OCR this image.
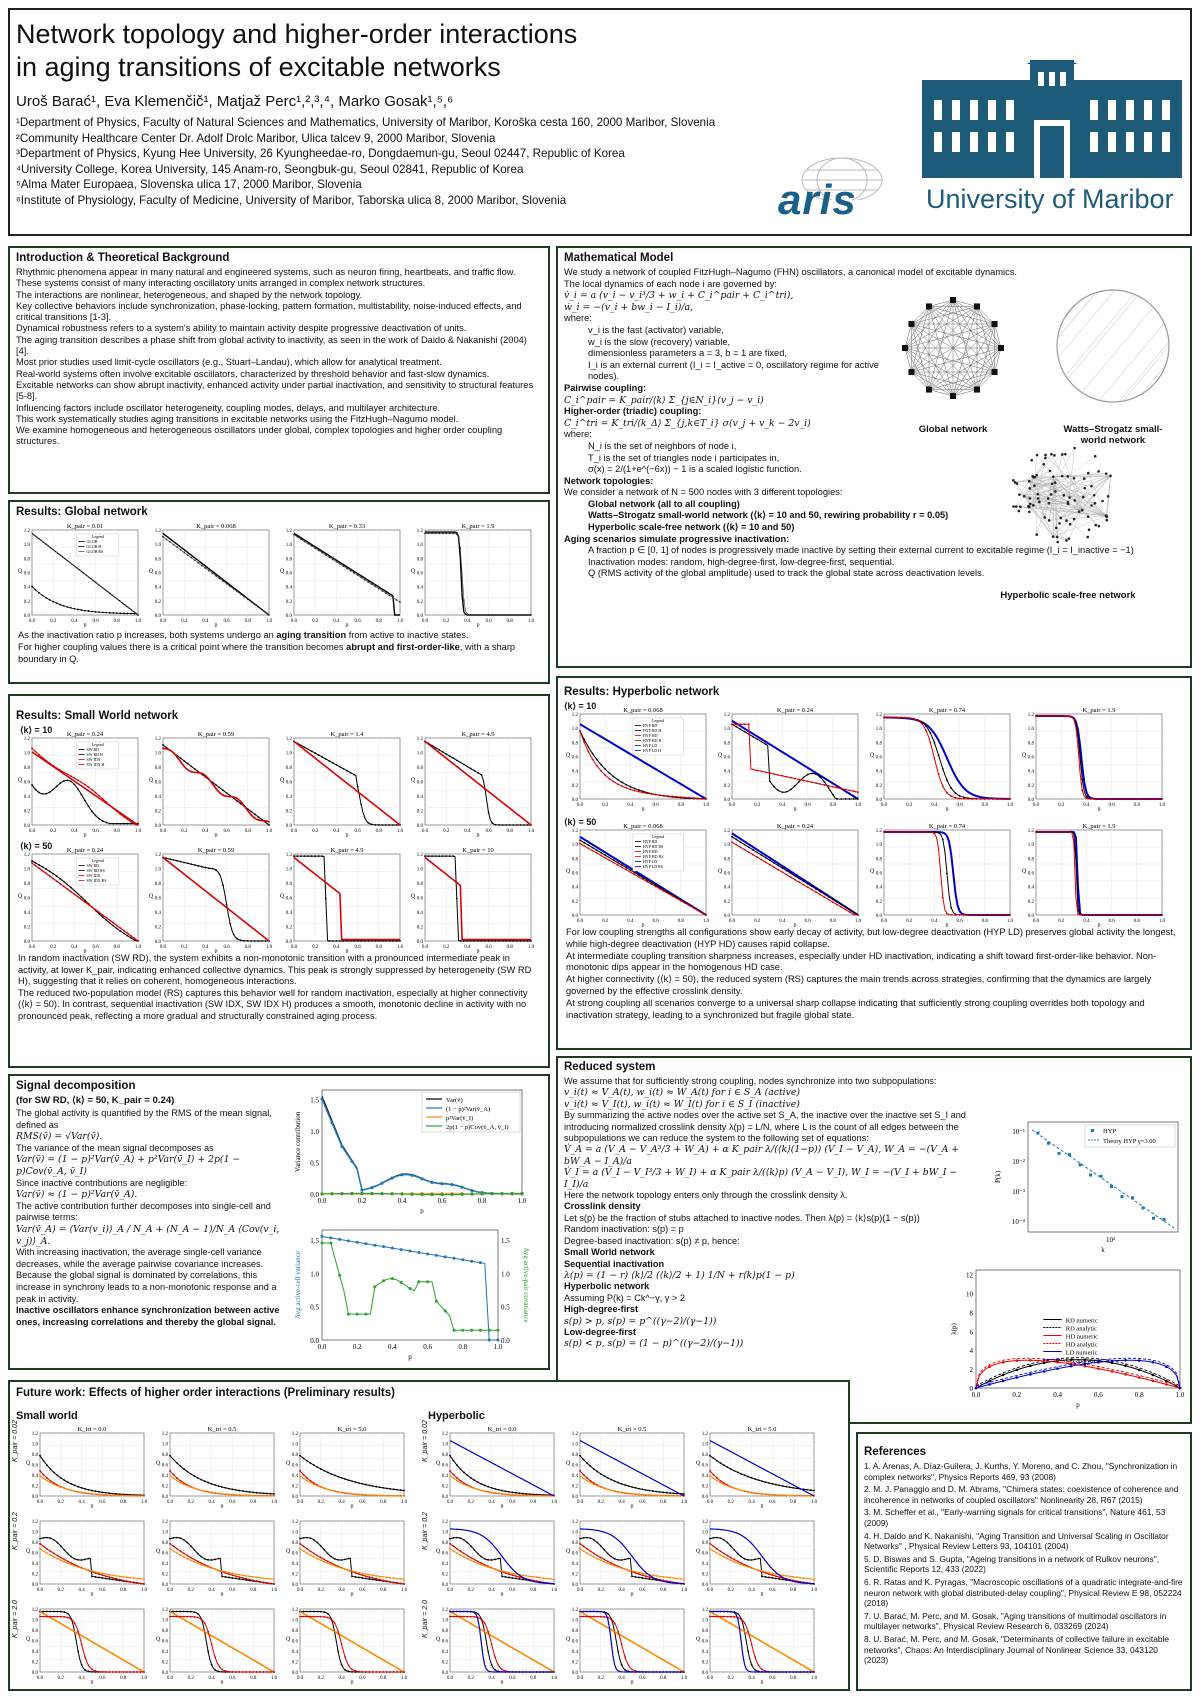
Network topology and higher-order interactions
in aging transitions of excitable networks
Uroš Barać¹, Eva Klemenčič¹, Matjaž Perc¹,²,³,⁴, Marko Gosak¹,⁵,⁶
¹Department of Physics, Faculty of Natural Sciences and Mathematics, University of Maribor, Koroška cesta 160, 2000 Maribor, Slovenia
²Community Healthcare Center Dr. Adolf Drolc Maribor, Ulica talcev 9, 2000 Maribor, Slovenia
³Department of Physics, Kyung Hee University, 26 Kyungheedae-ro, Dongdaemun-gu, Seoul 02447, Republic of Korea
⁴University College, Korea University, 145 Anam-ro, Seongbuk-gu, Seoul 02841, Republic of Korea
⁵Alma Mater Europaea, Slovenska ulica 17, 2000 Maribor, Slovenia
⁶Institute of Physiology, Faculty of Medicine, University of Maribor, Taborska ulica 8, 2000 Maribor, Slovenia	aris	University of Maribor
Introduction & Theoretical Background

Rhythmic phenomena appear in many natural and engineered systems, such as neuron firing, heartbeats, and traffic flow.

These systems consist of many interacting oscillatory units arranged in complex network structures.

The interactions are nonlinear, heterogeneous, and shaped by the network topology.

Key collective behaviors include synchronization, phase-locking, pattern formation, multistability, noise-induced effects, and critical transitions [1-3].

Dynamical robustness refers to a system's ability to maintain activity despite progressive deactivation of units.

The aging transition describes a phase shift from global activity to inactivity, as seen in the work of Daido & Nakanishi (2004) [4].

Most prior studies used limit-cycle oscillators (e.g., Stuart–Landau), which allow for analytical treatment.

Real-world systems often involve excitable oscillators, characterized by threshold behavior and fast-slow dynamics.

Excitable networks can show abrupt inactivity, enhanced activity under partial inactivation, and sensitivity to structural features [5-8].

Influencing factors include oscillator heterogeneity, coupling modes, delays, and multilayer architecture.

This work systematically studies aging transitions in excitable networks using the FitzHugh–Nagumo model.

We examine homogeneous and heterogeneous oscillators under global, complex topologies and higher order coupling structures.

Results: Global network
K_pair = 0.01
0.0	0.2	0.4	0.6	0.8	1.0
0.0
0.2
0.4
0.6
0.8
1.0
1.2
p
Q
Legend
GLOB
GLOB H
GLOB RS
K_pair = 0.068
0.0	0.2	0.4	0.6	0.8	1.0
0.0
0.2
0.4
0.6
0.8
1.0
1.2
p
Q
K_pair = 0.33
0.0	0.2	0.4	0.6	0.8	1.0
0.0
0.2
0.4
0.6
0.8
1.0
1.2
p
Q
K_pair = 1.9
0.0	0.2	0.4	0.6	0.8	1.0
0.0
0.2
0.4
0.6
0.8
1.0
1.2
p
Q
As the inactivation ratio p increases, both systems undergo an aging transition from active to inactive states.
For higher coupling values there is a critical point where the transition becomes abrupt and first-order-like, with a sharp boundary in Q.
Results: Small World network
⟨k⟩ = 10
⟨k⟩ = 50
K_pair = 0.24
0.0	0.2	0.4	0.6	0.8	1.0
0.0
0.2
0.4
0.6
0.8
1.0
1.2
p
Q
Legend
SW RD
SW RD H
SW IDX
SW IDX H
K_pair = 0.59
0.0	0.2	0.4	0.6	0.8	1.0
0.0
0.2
0.4
0.6
0.8
1.0
1.2
p
Q
K_pair = 1.4
0.0	0.2	0.4	0.6	0.8	1.0
0.0
0.2
0.4
0.6
0.8
1.0
1.2
p
Q
K_pair = 4.9
0.0	0.2	0.4	0.6	0.8	1.0
0.0
0.2
0.4
0.6
0.8
1.0
1.2
p
Q
K_pair = 0.24
0.0	0.2	0.4	0.6	0.8	1.0
0.0
0.2
0.4
0.6
0.8
1.0
1.2
p
Q
Legend
SW RD
SW RD RS
SW IDX
SW IDX RS
K_pair = 0.59
0.0	0.2	0.4	0.6	0.8	1.0
0.0
0.2
0.4
0.6
0.8
1.0
1.2
p
Q
K_pair = 4.9
0.0	0.2	0.4	0.6	0.8	1.0
0.0
0.2
0.4
0.6
0.8
1.0
1.2
p
Q
K_pair = 10
0.0	0.2	0.4	0.6	0.8	1.0
0.0
0.2
0.4
0.6
0.8
1.0
1.2
p
Q
In random inactivation (SW RD), the system exhibits a non-monotonic transition with a pronounced intermediate peak in activity, at lower K_pair, indicating enhanced collective dynamics. This peak is strongly suppressed by heterogeneity (SW RD H), suggesting that it relies on coherent, homogeneous interactions.
The reduced two-population model (RS) captures this behavior well for random inactivation, especially at higher connectivity (⟨k⟩ = 50). In contrast, sequential inactivation (SW IDX, SW IDX H) produces a smooth, monotonic decline in activity with no pronounced peak, reflecting a more gradual and structurally constrained aging process.
Signal decomposition
(for SW RD, ⟨k⟩ = 50, K_pair = 0.24)

The global activity is quantified by the RMS of the mean signal, defined as

RMS(v̄) = √Var(v̄).

The variance of the mean signal decomposes as

Var(v̄) = (1 − p)²Var(v̄_A) + p²Var(v̄_I) + 2p(1 − p)Cov(v̄_A, v̄_I)

Since inactive contributions are negligible:

Var(v̄) ≈ (1 − p)²Var(v̄_A).

The active contribution further decomposes into single-cell and pairwise terms:

Var(v̄_A) = ⟨Var(v_i)⟩_A / N_A + (N_A − 1)/N_A ⟨Cov(v_i, v_j)⟩_A.

With increasing inactivation, the average single-cell variance decreases, while the average pairwise covariance increases. Because the global signal is dominated by correlations, this increase in synchrony leads to a non-monotonic response and a peak in activity.

Inactive oscillators enhance synchronization between active ones, increasing correlations and thereby the global signal.

0.0	0.2	0.4	0.6	0.8	1.0
0.0
0.5
1.0
1.5
p
Variance contribution
Var(v̄)
(1 − p)²Var(v̄_A)
p²Var(v̄_I)
2p(1 − p)Cov(v̄_A, v̄_I)
0.0	0.2	0.4	0.6	0.8	1.0
0.0
0.5
1.0
1.5
0.0
0.5
1.0
1.5
p
Avg active-cell variance	Avg active-pair covariance
Mathematical Model

We study a network of coupled FitzHugh–Nagumo (FHN) oscillators, a canonical model of excitable dynamics.

The local dynamics of each node i are governed by:

v̇_i = a (v_i − v_i³/3 + w_i + C_i^pair + C_i^tri),

ẇ_i = −(v_i + bw_i − I_i)/a,

where:

v_i is the fast (activator) variable,

w_i is the slow (recovery) variable,

dimensionless parameters a = 3, b = 1 are fixed,

I_i is an external current (I_i = I_active = 0, oscillatory regime for active nodes).

Pairwise coupling:

C_i^pair = K_pair/⟨k⟩ Σ_{j∈N_i}(v_j − v_i)

Higher-order (triadic) coupling:

C_i^tri = K_tri/⟨k_Δ⟩ Σ_{j,k∈T_i} σ(v_j + v_k − 2v_i)

where:

N_i is the set of neighbors of node i,

T_i is the set of triangles node i participates in,

σ(x) = 2/(1+e^(−6x)) − 1 is a scaled logistic function.

Network topologies:

We consider a network of N = 500 nodes with 3 different topologies:

Global network (all to all coupling)

Watts–Strogatz small-world network (⟨k⟩ = 10 and 50, rewiring probability r = 0.05)

Hyperbolic scale-free network (⟨k⟩ = 10 and 50)

Aging scenarios simulate progressive inactivation:

A fraction p ∈ [0, 1] of nodes is progressively made inactive by setting their external current to excitable regime (I_i = I_inactive = −1)

Inactivation modes: random, high-degree-first, low-degree-first, sequential.

Q (RMS activity of the global amplitude) used to track the global state across deactivation levels.

Global network	Watts–Strogatz small-world network
Hyperbolic scale-free network
Results: Hyperbolic network
⟨k⟩ = 10
⟨k⟩ = 50
K_pair = 0.068
0.0	0.2	0.4	0.6	0.8	1.0
0.0
0.2
0.4
0.6
0.8
1.0
1.2
p
Q
Legend
HYP RD
HYP RD H
HYP HD
HYP HD H
HYP LD
HYP LD H
K_pair = 0.24
0.0	0.2	0.4	0.6	0.8	1.0
0.0
0.2
0.4
0.6
0.8
1.0
1.2
p
Q
K_pair = 0.74
0.0	0.2	0.4	0.6	0.8	1.0
0.0
0.2
0.4
0.6
0.8
1.0
1.2
p
Q
K_pair = 1.9
0.0	0.2	0.4	0.6	0.8	1.0
0.0
0.2
0.4
0.6
0.8
1.0
1.2
p
Q
K_pair = 0.068
0.0	0.2	0.4	0.6	0.8	1.0
0.0
0.2
0.4
0.6
0.8
1.0
1.2
p
Q
Legend
HYP RD
HYP RD RS
HYP HD
HYP HD RS
HYP LD
HYP LD RS
K_pair = 0.24
0.0	0.2	0.4	0.6	0.8	1.0
0.0
0.2
0.4
0.6
0.8
1.0
1.2
p
Q
K_pair = 0.74
0.0	0.2	0.4	0.6	0.8	1.0
0.0
0.2
0.4
0.6
0.8
1.0
1.2
p
Q
K_pair = 1.9
0.0	0.2	0.4	0.6	0.8	1.0
0.0
0.2
0.4
0.6
0.8
1.0
1.2
p
Q
For low coupling strengths all configurations show early decay of activity, but low-degree deactivation (HYP LD) preserves global activity the longest, while high-degree deactivation (HYP HD) causes rapid collapse.
At intermediate coupling transition sharpness increases, especially under HD inactivation, indicating a shift toward first-order-like behavior. Non-monotonic dips appear in the homogenous HD case.
At higher connectivity (⟨k⟩ = 50), the reduced system (RS) captures the main trends across strategies, confirming that the dynamics are largely governed by the effective crosslink density.
At strong coupling all scenarios converge to a universal sharp collapse indicating that sufficiently strong coupling overrides both topology and inactivation strategy, leading to a synchronized but fragile global state.
Reduced system

We assume that for sufficiently strong coupling, nodes synchronize into two subpopulations:

v_i(t) ≈ V_A(t), w_i(t) ≈ W_A(t) for i ∈ S_A (active)

v_i(t) ≈ V_I(t), w_i(t) ≈ W_I(t) for i ∈ S_I (inactive)

By summarizing the active nodes over the active set S_A, the inactive over the inactive set S_I and introducing normalized crosslink density λ(p) = L/N, where L is the count of all edges between the subpopulations we can reduce the system to the following set of equations:

V̇_A = a (V_A − V_A³/3 + W_A) + α K_pair λ/(⟨k⟩(1−p)) (V_I − V_A), W_A = −(V_A + bW_A − I_A)/a

V̇_I = a (V_I − V_I³/3 + W_I) + α K_pair λ/(⟨k⟩p) (V_A − V_I), W_I = −(V_I + bW_I − I_I)/a

Here the network topology enters only through the crosslink density λ.

Crosslink density

Let s(p) be the fraction of stubs attached to inactive nodes. Then λ(p) = ⟨k⟩s(p)(1 − s(p))

Random inactivation: s(p) = p

Degree-based inactivation: s(p) ≠ p, hence:

Small World network

Sequential inactivation

λ(p) = (1 − r) ⟨k⟩/2 (⟨k⟩/2 + 1) 1/N + r⟨k⟩p(1 − p)

Hyperbolic network

Assuming P(k) = Ck^−γ, γ > 2

High-degree-first

s(p) > p, s(p) = p^((γ−2)/(γ−1))

Low-degree-first

s(p) < p, s(p) = (1 − p)^((γ−2)/(γ−1))

10⁻¹
10⁻²
10⁻³
10⁻⁴
10²
k
P(k)
HYP
Theory HYP γ=3.00
0.0	0.2	0.4	0.6	0.8	1.0
0
2
4
6
8
10
12
p
λ(p)
RD numeric
RD analytic
HD numeric
HD analytic
LD numeric
LD analytic
Future work: Effects of higher order interactions (Preliminary results)
Small world	Hyperbolic
K_pair = 0.02	K_tri = 0.0
0.0	0.2	0.4	0.6	0.8	1.0
0.0
0.2
0.4
0.6
0.8
1.0
1.2
p
Q
K_tri = 0.5
0.0	0.2	0.4	0.6	0.8	1.0
0.0
0.2
0.4
0.6
0.8
1.0
1.2
p
Q
K_tri = 5.0
0.0	0.2	0.4	0.6	0.8	1.0
0.0
0.2
0.4
0.6
0.8
1.0
1.2
p
Q
K_pair = 0.2
0.0	0.2	0.4	0.6	0.8	1.0
0.0
0.2
0.4
0.6
0.8
1.0
1.2
p
Q
0.0	0.2	0.4	0.6	0.8	1.0
0.0
0.2
0.4
0.6
0.8
1.0
1.2
p
Q
0.0	0.2	0.4	0.6	0.8	1.0
0.0
0.2
0.4
0.6
0.8
1.0
1.2
p
Q
K_pair = 2.0
0.0	0.2	0.4	0.6	0.8	1.0
0.0
0.2
0.4
0.6
0.8
1.0
1.2
p
Q
0.0	0.2	0.4	0.6	0.8	1.0
0.0
0.2
0.4
0.6
0.8
1.0
1.2
p
Q
0.0	0.2	0.4	0.6	0.8	1.0
0.0
0.2
0.4
0.6
0.8
1.0
1.2
p
Q
K_pair = 0.02	K_tri = 0.0
0.0	0.2	0.4	0.6	0.8	1.0
0.0
0.2
0.4
0.6
0.8
1.0
1.2
p
Q
K_tri = 0.5
0.0	0.2	0.4	0.6	0.8	1.0
0.0
0.2
0.4
0.6
0.8
1.0
1.2
p
Q
K_tri = 5.0
0.0	0.2	0.4	0.6	0.8	1.0
0.0
0.2
0.4
0.6
0.8
1.0
1.2
p
Q
K_pair = 0.2
0.0	0.2	0.4	0.6	0.8	1.0
0.0
0.2
0.4
0.6
0.8
1.0
1.2
p
Q
0.0	0.2	0.4	0.6	0.8	1.0
0.0
0.2
0.4
0.6
0.8
1.0
1.2
p
Q
0.0	0.2	0.4	0.6	0.8	1.0
0.0
0.2
0.4
0.6
0.8
1.0
1.2
p
Q
K_pair = 2.0
0.0	0.2	0.4	0.6	0.8	1.0
0.0
0.2
0.4
0.6
0.8
1.0
1.2
p
Q
0.0	0.2	0.4	0.6	0.8	1.0
0.0
0.2
0.4
0.6
0.8
1.0
1.2
p
Q
0.0	0.2	0.4	0.6	0.8	1.0
0.0
0.2
0.4
0.6
0.8
1.0
1.2
p
Q
References

1. A. Arenas, A. Díaz-Guilera, J. Kurths, Y. Moreno, and C. Zhou, "Synchronization in complex networks", Physics Reports 469, 93 (2008)

2. M. J. Panaggio and D. M. Abrams, "Chimera states: coexistence of coherence and incoherence in networks of coupled oscillators" Nonlinearity 28, R67 (2015)

3. M. Scheffer et al., "Early-warning signals for critical transitions", Nature 461, 53 (2009)

4. H. Daido and K. Nakanishi, "Aging Transition and Universal Scaling in Oscillator Networks" , Physical Review Letters 93, 104101 (2004)

5. D. Biswas and S. Gupta, "Ageing transitions in a network of Rulkov neurons", Scientific Reports 12, 433 (2022)

6. R. Ratas and K. Pyragas, "Macroscopic oscillations of a quadratic integrate-and-fire neuron network with global distributed-delay coupling", Physical Review E 98, 052224 (2018)

7. U. Barać, M. Perc, and M. Gosak, "Aging transitions of multimodal oscillators in multilayer networks", Physical Review Research 6, 033269 (2024)

8. U. Barać, M. Perc, and M. Gosak, "Determinants of collective failure in excitable networks", Chaos: An Interdisciplinary Journal of Nonlinear Science 33, 043120 (2023)
